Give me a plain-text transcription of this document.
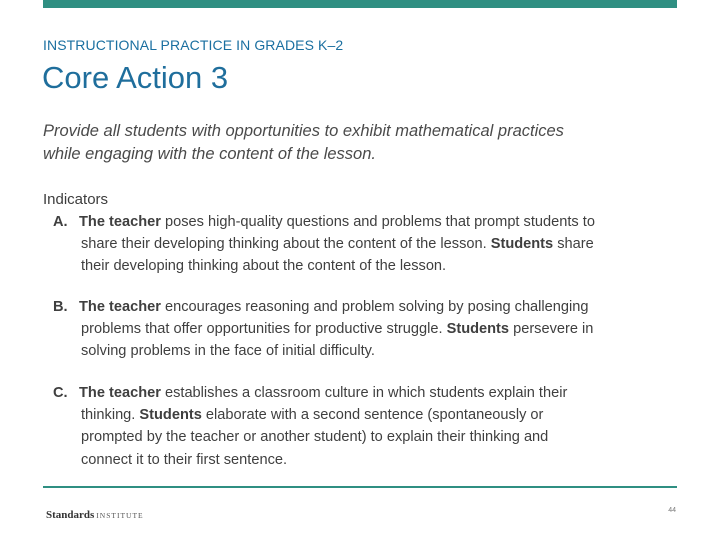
INSTRUCTIONAL PRACTICE IN GRADES K–2
Core Action 3
Provide all students with opportunities to exhibit mathematical practices
while engaging with the content of the lesson.
Indicators
A. The teacher poses high-quality questions and problems that prompt students to
share their developing thinking about the content of the lesson. Students share
their developing thinking about the content of the lesson.
B. The teacher encourages reasoning and problem solving by posing challenging
problems that offer opportunities for productive struggle. Students persevere in
solving problems in the face of initial difficulty.
C. The teacher establishes a classroom culture in which students explain their
thinking. Students elaborate with a second sentence (spontaneously or
prompted by the teacher or another student) to explain their thinking and
connect it to their first sentence.
Standards INSTITUTE
44
